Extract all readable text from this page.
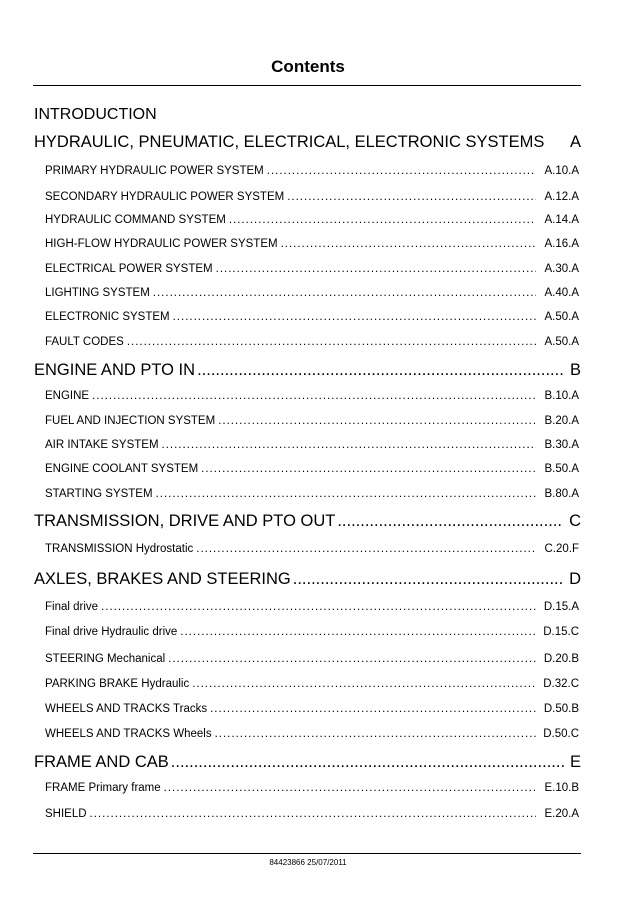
Contents
INTRODUCTION
HYDRAULIC, PNEUMATIC, ELECTRICAL, ELECTRONIC SYSTEMS A
PRIMARY HYDRAULIC POWER SYSTEM .....	A.10.A
SECONDARY HYDRAULIC POWER SYSTEM .....	A.12.A
HYDRAULIC COMMAND SYSTEM .....	A.14.A
HIGH-FLOW HYDRAULIC POWER SYSTEM .....	A.16.A
ELECTRICAL POWER SYSTEM .....	A.30.A
LIGHTING SYSTEM .....	A.40.A
ELECTRONIC SYSTEM .....	A.50.A
FAULT CODES .....	A.50.A
ENGINE AND PTO IN .....	B
ENGINE .....	B.10.A
FUEL AND INJECTION SYSTEM .....	B.20.A
AIR INTAKE SYSTEM .....	B.30.A
ENGINE COOLANT SYSTEM .....	B.50.A
STARTING SYSTEM .....	B.80.A
TRANSMISSION, DRIVE AND PTO OUT .....	C
TRANSMISSION Hydrostatic .....	C.20.F
AXLES, BRAKES AND STEERING .....	D
Final drive .....	D.15.A
Final drive Hydraulic drive .....	D.15.C
STEERING Mechanical .....	D.20.B
PARKING BRAKE Hydraulic .....	D.32.C
WHEELS AND TRACKS Tracks .....	D.50.B
WHEELS AND TRACKS Wheels .....	D.50.C
FRAME AND CAB .....	E
FRAME Primary frame .....	E.10.B
SHIELD .....	E.20.A
84423866 25/07/2011
